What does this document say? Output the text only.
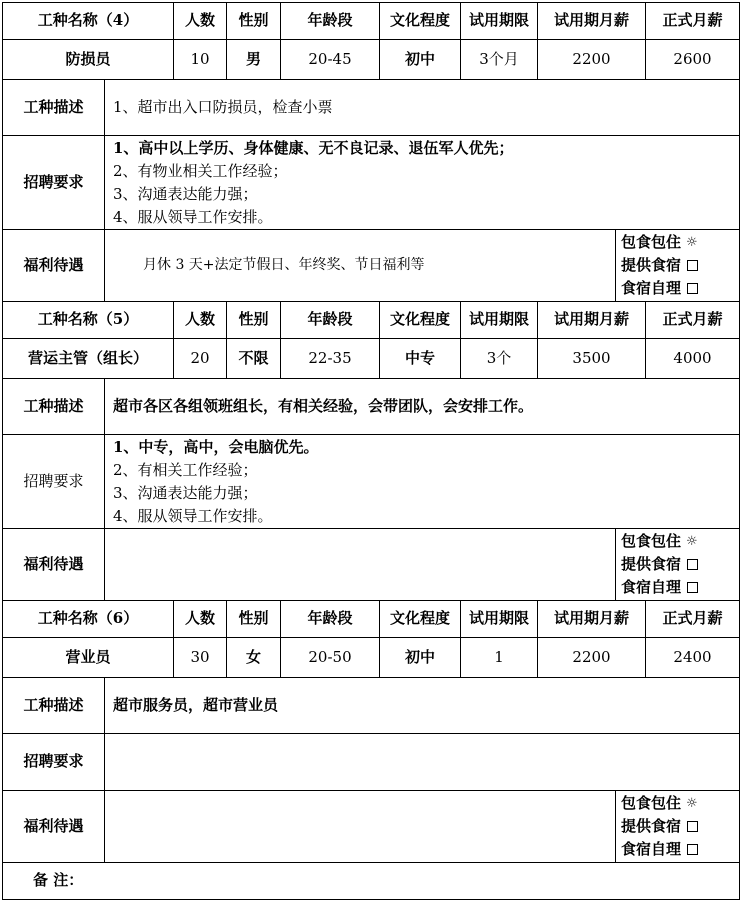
工种名称（4）		人数	性别	年龄段	文化程度	试用期限	试用期月薪	正式月薪
防损员		10	男	20-45	初中	3个月	2200	2600
工种描述	1、超市出入口防损员，检查小票							
招聘要求	1、高中以上学历、身体健康、无不良记录、退伍军人优先；
2、有物业相关工作经验；
3、沟通表达能力强；
4、服从领导工作安排。							

福利待遇	月休 3 天+法定节假日、年终奖、节日福利等
包食包住 ☼
提供食宿
食宿自理							

工种名称（5）		人数	性别	年龄段	文化程度	试用期限	试用期月薪	正式月薪
营运主管（组长）		20	不限	22-35	中专	3个	3500	4000
工种描述	超市各区各组领班组长，有相关经验，会带团队，会安排工作。							
招聘要求	1、中专，高中，会电脑优先。
2、有相关工作经验；
3、沟通表达能力强；
4、服从领导工作安排。							

福利待遇	包食包住 ☼
提供食宿
食宿自理							

工种名称（6）		人数	性别	年龄段	文化程度	试用期限	试用期月薪	正式月薪
营业员		30	女	20-50	初中	1	2200	2400
工种描述	超市服务员，超市营业员							
招聘要求								
福利待遇	包食包住 ☼
提供食宿
食宿自理							

备 注：								
